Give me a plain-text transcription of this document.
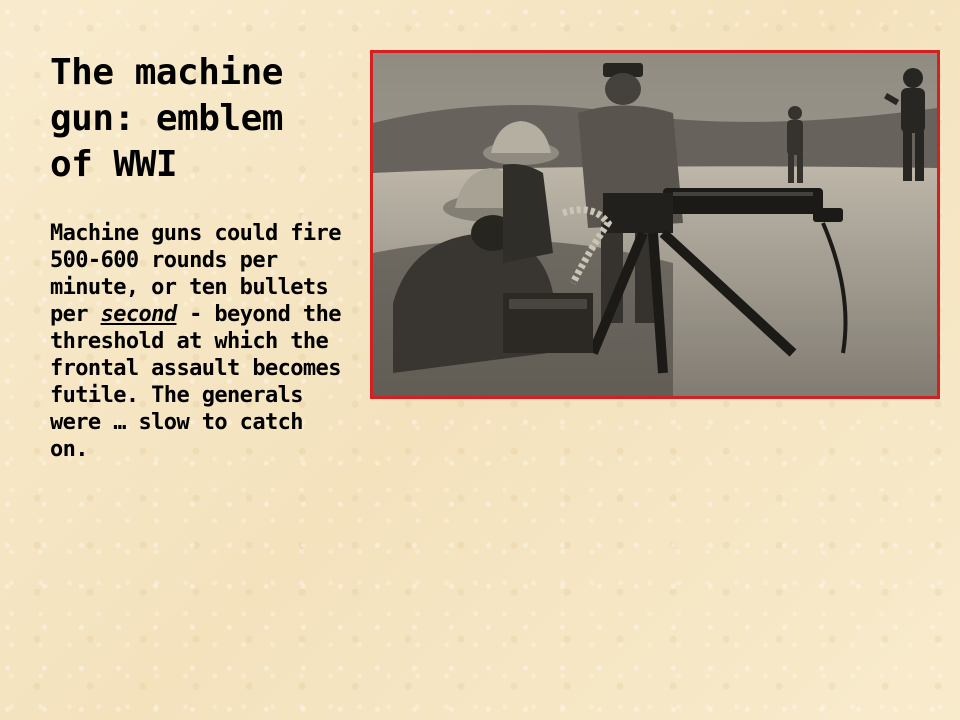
The machine gun: emblem of WWI

Machine guns could fire 500-600 rounds per minute, or ten bullets per second - beyond the threshold at which the frontal assault becomes futile. The generals were … slow to catch on.
